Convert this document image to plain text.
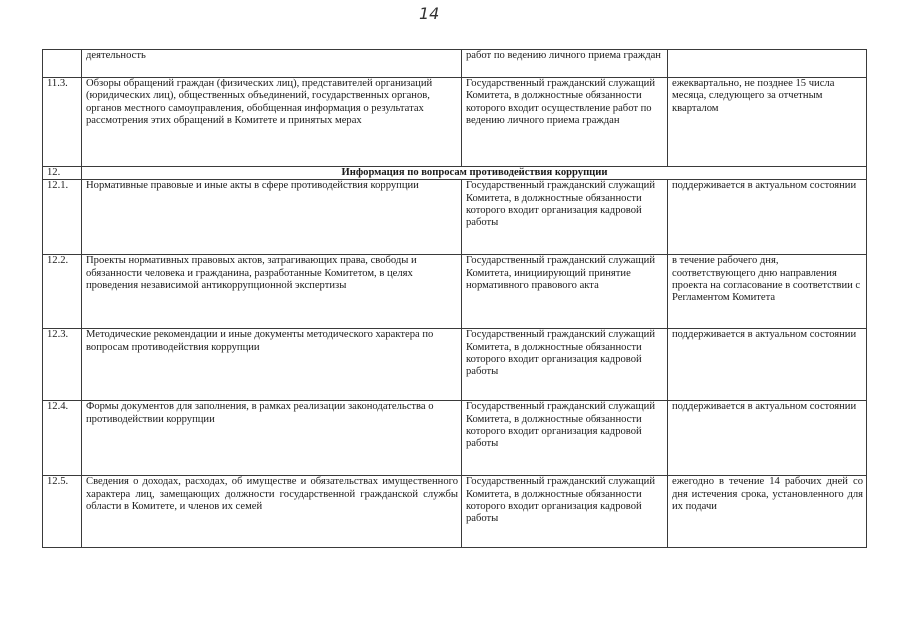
14
	деятельность	работ по ведению личного приема граждан	
11.3.	Обзоры обращений граждан (физических лиц), представителей организаций (юридических лиц), общественных объединений, государственных органов, органов местного самоуправления, обобщенная информация о результатах рассмотрения этих обращений в Комитете и принятых мерах	Государственный гражданский служащий Комитета, в должностные обязанности которого входит осуществление работ по ведению личного приема граждан	ежеквартально, не позднее 15 числа месяца, следующего за отчетным кварталом
12.	Информация по вопросам противодействия коррупции		
12.1.	Нормативные правовые и иные акты в сфере противодействия коррупции	Государственный гражданский служащий Комитета, в должностные обязанности которого входит организация кадровой работы	поддерживается в актуальном состоянии
12.2.	Проекты нормативных правовых актов, затрагивающих права, свободы и обязанности человека и гражданина, разработанные Комитетом, в целях проведения независимой антикоррупционной экспертизы	Государственный гражданский служащий Комитета, инициирующий принятие нормативного правового акта	в течение рабочего дня, соответствующего дню направления проекта на согласование в соответствии с Регламентом Комитета
12.3.	Методические рекомендации и иные документы методического характера по вопросам противодействия коррупции	Государственный гражданский служащий Комитета, в должностные обязанности которого входит организация кадровой работы	поддерживается в актуальном состоянии
12.4.	Формы документов для заполнения, в рамках реализации законодательства о противодействии коррупции	Государственный гражданский служащий Комитета, в должностные обязанности которого входит организация кадровой работы	поддерживается в актуальном состоянии
12.5.	Сведения о доходах, расходах, об имуществе и обязательствах имущественного характера лиц, замещающих должности государственной гражданской службы области в Комитете, и членов их семей	Государственный гражданский служащий Комитета, в должностные обязанности которого входит организация кадровой работы	ежегодно в течение 14 рабочих дней со дня истечения срока, установленного для их подачи
